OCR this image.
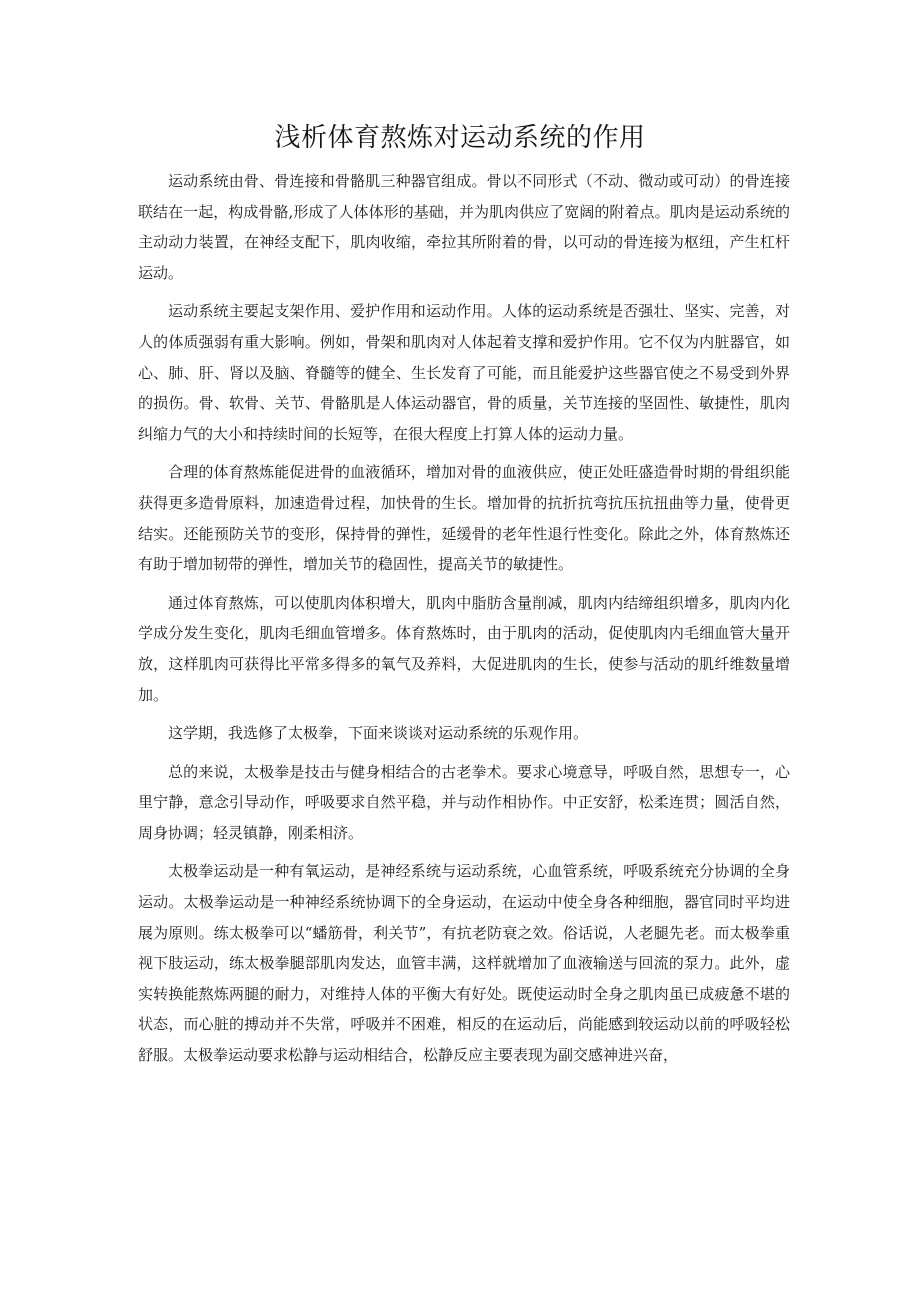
浅析体育熬炼对运动系统的作用

运动系统由骨、骨连接和骨骼肌三种器官组成。骨以不同形式（不动、微动或可动）的骨连接联结在一起，构成骨骼,形成了人体体形的基础，并为肌肉供应了宽阔的附着点。肌肉是运动系统的主动动力装置，在神经支配下，肌肉收缩，牵拉其所附着的骨，以可动的骨连接为枢纽，产生杠杆运动。

运动系统主要起支架作用、爱护作用和运动作用。人体的运动系统是否强壮、坚实、完善，对人的体质强弱有重大影响。例如，骨架和肌肉对人体起着支撑和爱护作用。它不仅为内脏器官，如心、肺、肝、肾以及脑、脊髓等的健全、生长发育了可能，而且能爱护这些器官使之不易受到外界的损伤。骨、软骨、关节、骨骼肌是人体运动器官，骨的质量，关节连接的坚固性、敏捷性，肌肉纠缩力气的大小和持续时间的长短等，在很大程度上打算人体的运动力量。

合理的体育熬炼能促进骨的血液循环，增加对骨的血液供应，使正处旺盛造骨时期的骨组织能获得更多造骨原料，加速造骨过程，加快骨的生长。增加骨的抗折抗弯抗压抗扭曲等力量，使骨更结实。还能预防关节的变形，保持骨的弹性，延缓骨的老年性退行性变化。除此之外，体育熬炼还有助于增加韧带的弹性，增加关节的稳固性，提高关节的敏捷性。

通过体育熬炼，可以使肌肉体积增大，肌肉中脂肪含量削减，肌肉内结缔组织增多，肌肉内化学成分发生变化，肌肉毛细血管增多。体育熬炼时，由于肌肉的活动，促使肌肉内毛细血管大量开放，这样肌肉可获得比平常多得多的氧气及养料，大促进肌肉的生长，使参与活动的肌纤维数量增加。

这学期，我选修了太极拳，下面来谈谈对运动系统的乐观作用。

总的来说，太极拳是技击与健身相结合的古老拳术。要求心境意导，呼吸自然，思想专一，心里宁静，意念引导动作，呼吸要求自然平稳，并与动作相协作。中正安舒，松柔连贯；圆活自然，周身协调；轻灵镇静，刚柔相济。

太极拳运动是一种有氧运动，是神经系统与运动系统，心血管系统，呼吸系统充分协调的全身运动。太极拳运动是一种神经系统协调下的全身运动，在运动中使全身各种细胞，器官同时平均进展为原则。练太极拳可以“蟠筋骨，利关节”，有抗老防衰之效。俗话说，人老腿先老。而太极拳重视下肢运动，练太极拳腿部肌肉发达，血管丰满，这样就增加了血液输送与回流的泵力。此外，虚实转换能熬炼两腿的耐力，对维持人体的平衡大有好处。既使运动时全身之肌肉虽已成疲惫不堪的状态，而心脏的搏动并不失常，呼吸并不困难，相反的在运动后，尚能感到较运动以前的呼吸轻松舒服。太极拳运动要求松静与运动相结合，松静反应主要表现为副交感神进兴奋，
